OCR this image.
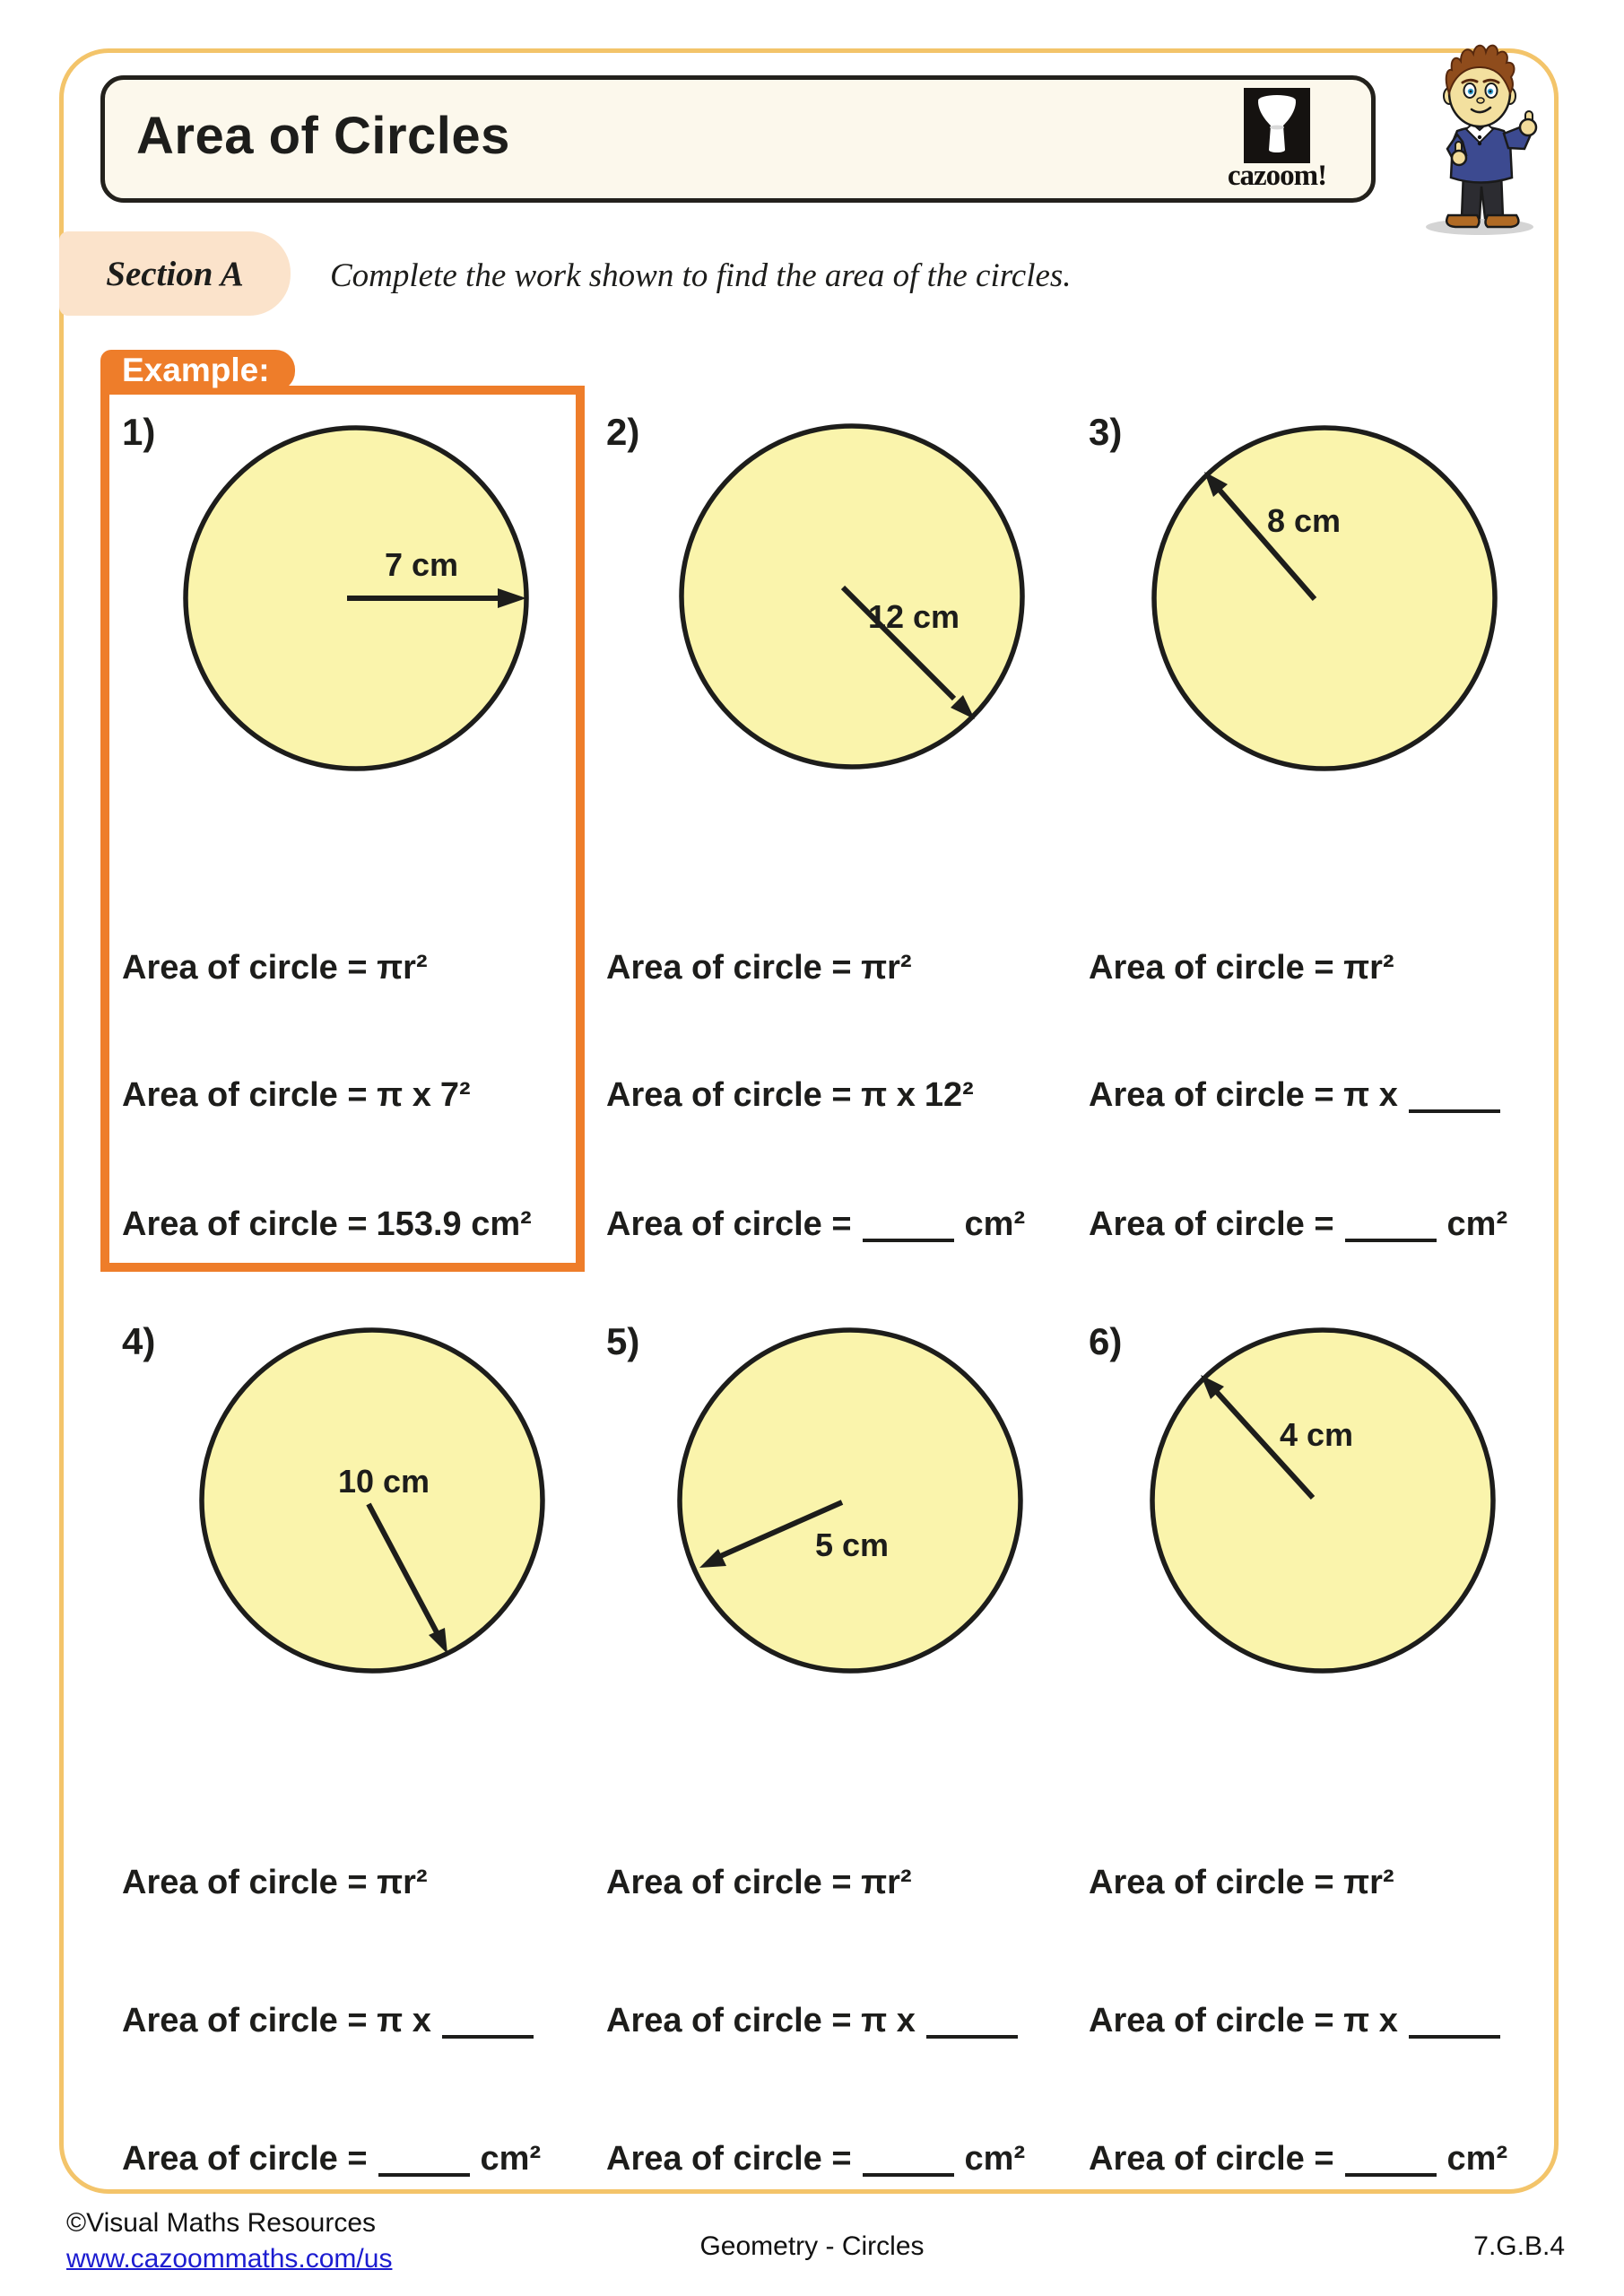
Area of Circles
cazoom!
Section A	Complete the work shown to find the area of the circles.
Example:
1)
7 cm
Area of circle = πr²
Area of circle = π x 7²
Area of circle = 153.9 cm²
2)
12 cm
Area of circle = πr²
Area of circle = π x 12²
Area of circle =	cm²
3)
8 cm
Area of circle = πr²
Area of circle = π x
Area of circle =	cm²
4)
10 cm
Area of circle = πr²
Area of circle = π x
Area of circle =	cm²
5)
5 cm
Area of circle = πr²
Area of circle = π x
Area of circle =	cm²
6)
4 cm
Area of circle = πr²
Area of circle = π x
Area of circle =	cm²
©Visual Maths Resources
www.cazoommaths.com/us	Geometry - Circles	7.G.B.4
